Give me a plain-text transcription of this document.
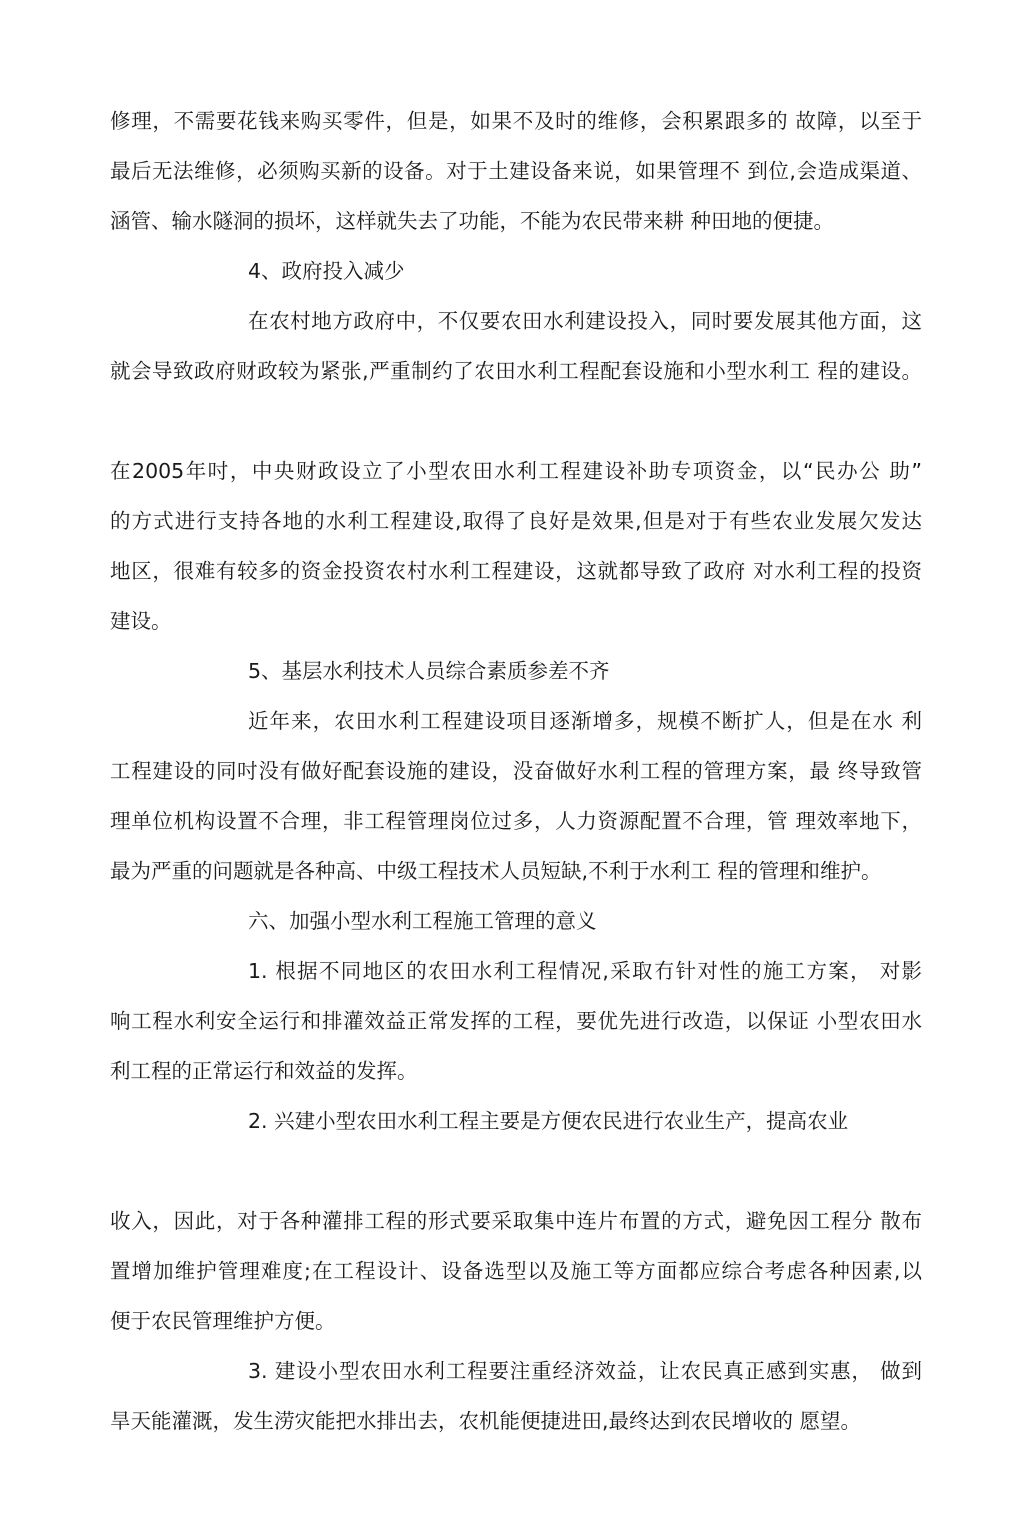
修理，不需要花钱来购买零件，但是，如果不及时的维修，会积累跟多的 故障，以至于
最后无法维修，必须购买新的设备。对于土建设备来说，如果管理不 到位,会造成渠道、
涵管、输水隧洞的损坏，这样就失去了功能，不能为农民带来耕 种田地的便捷。
4、政府投入减少
在农村地方政府中，不仅要农田水利建设投入，同时要发展其他方面，这
就会导致政府财政较为紧张,严重制约了农田水利工程配套设施和小型水利工 程的建设。
在2005年吋，中央财政设立了小型农田水利工程建设补助专项资金，以“民办公 助”
的方式进行支持各地的水利工程建设,取得了良好是效果,但是对于有些农业发展欠发达
地区，很难有较多的资金投资农村水利工程建设，这就都导致了政府 对水利工程的投资
建设。
5、基层水利技术人员综合素质参差不齐
近年来，农田水利工程建设项目逐渐增多，规模不断扩人，但是在水 利
工程建设的同吋没有做好配套设施的建设，没奋做好水利工程的管理方案，最 终导致管
理单位机构设置不合理，非工程管理岗位过多，人力资源配置不合理，管 理效率地下，
最为严重的问题就是各种高、中级工程技术人员短缺,不利于水利工 程的管理和维护。
六、加强小型水利工程施工管理的意义
1. 根据不同地区的农田水利工程情况,采取冇针对性的施工方案， 对影
响工程水利安全运行和排灌效益正常发挥的工程，要优先进行改造，以保证 小型农田水
利工程的正常运行和效益的发挥。
2. 兴建小型农田水利工程主要是方便农民进行农业生产，提高农业
收入，因此，对于各种灌排工程的形式要采取集中连片布置的方式，避免因工程分 散布
置增加维护管理难度;在工程设计、设备选型以及施工等方面都应综合考虑各种因素,以
便于农民管理维护方便。
3. 建设小型农田水利工程要注重经济效益，让农民真正感到实惠， 做到
旱天能灌溉，发生涝灾能把水排出去，农机能便捷进田,最终达到农民增收的 愿望。
